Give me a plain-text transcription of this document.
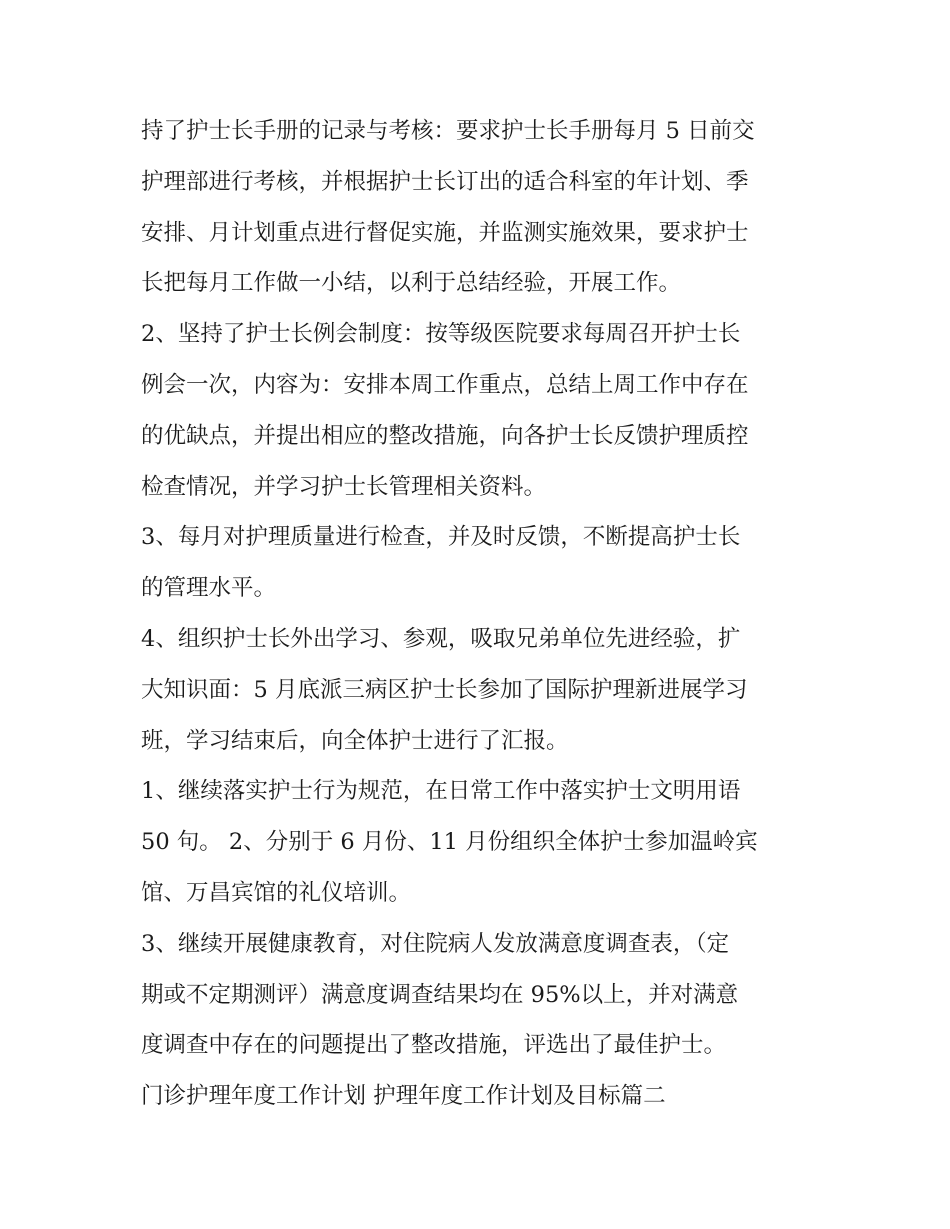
持了护士长手册的记录与考核：要求护士长手册每月 5 日前交

护理部进行考核，并根据护士长订出的适合科室的年计划、季

安排、月计划重点进行督促实施，并监测实施效果，要求护士

长把每月工作做一小结，以利于总结经验，开展工作。

2、坚持了护士长例会制度：按等级医院要求每周召开护士长

例会一次，内容为：安排本周工作重点，总结上周工作中存在

的优缺点，并提出相应的整改措施，向各护士长反馈护理质控

检查情况，并学习护士长管理相关资料。

3、每月对护理质量进行检查，并及时反馈，不断提高护士长

的管理水平。

4、组织护士长外出学习、参观，吸取兄弟单位先进经验，扩

大知识面：5 月底派三病区护士长参加了国际护理新进展学习

班，学习结束后，向全体护士进行了汇报。

1、继续落实护士行为规范，在日常工作中落实护士文明用语

50 句。 2、分别于 6 月份、11 月份组织全体护士参加温岭宾

馆、万昌宾馆的礼仪培训。

3、继续开展健康教育，对住院病人发放满意度调查表，（定

期或不定期测评）满意度调查结果均在 95%以上，并对满意

度调查中存在的问题提出了整改措施，评选出了最佳护士。

门诊护理年度工作计划 护理年度工作计划及目标篇二
